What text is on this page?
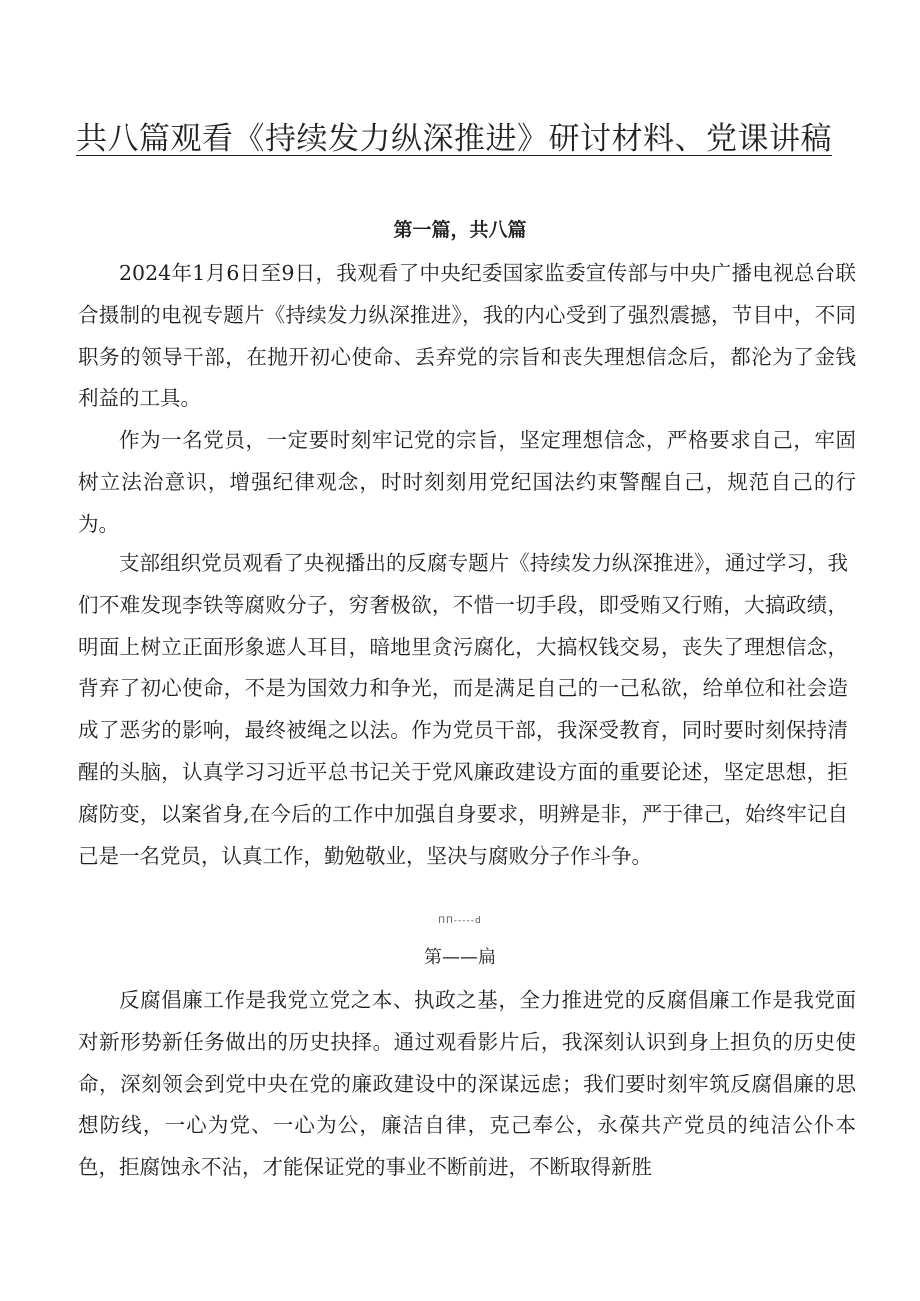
共八篇观看《持续发力纵深推进》研讨材料、党课讲稿
第一篇，共八篇

2024年1月6日至9日，我观看了中央纪委国家监委宣传部与中央广播电视总台联合摄制的电视专题片《持续发力纵深推进》，我的内心受到了强烈震撼，节目中，不同职务的领导干部，在抛开初心使命、丢弃党的宗旨和丧失理想信念后，都沦为了金钱利益的工具。

作为一名党员，一定要时刻牢记党的宗旨，坚定理想信念，严格要求自己，牢固树立法治意识，增强纪律观念，时时刻刻用党纪国法约束警醒自己，规范自己的行为。

支部组织党员观看了央视播出的反腐专题片《持续发力纵深推进》，通过学习，我们不难发现李铁等腐败分子，穷奢极欲，不惜一切手段，即受贿又行贿，大搞政绩，明面上树立正面形象遮人耳目，暗地里贪污腐化，大搞权钱交易，丧失了理想信念，背弃了初心使命，不是为国效力和争光，而是满足自己的一己私欲，给单位和社会造成了恶劣的影响，最终被绳之以法。作为党员干部，我深受教育，同时要时刻保持清醒的头脑，认真学习习近平总书记关于党风廉政建设方面的重要论述，坚定思想，拒腐防变，以案省身,在今后的工作中加强自身要求，明辨是非，严于律己，始终牢记自己是一名党员，认真工作，勤勉敬业，坚决与腐败分子作斗争。

ΠΠ-----d
第——扁

反腐倡廉工作是我党立党之本、执政之基，全力推进党的反腐倡廉工作是我党面对新形势新任务做出的历史抉择。通过观看影片后，我深刻认识到身上担负的历史使命，深刻领会到党中央在党的廉政建设中的深谋远虑；我们要时刻牢筑反腐倡廉的思想防线，一心为党、一心为公，廉洁自律，克己奉公，永葆共产党员的纯洁公仆本色，拒腐蚀永不沾，才能保证党的事业不断前进，不断取得新胜
